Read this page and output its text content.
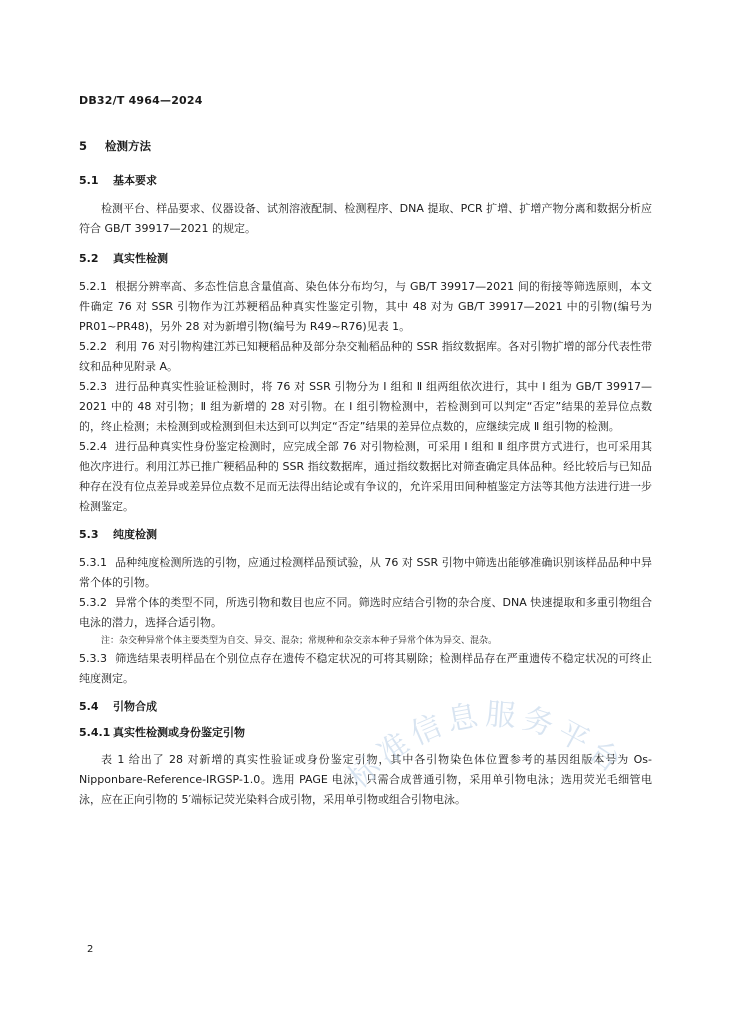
DB32/T 4964—2024
5 检测方法
5.1 基本要求

检测平台、样品要求、仪器设备、试剂溶液配制、检测程序、DNA 提取、PCR 扩增、扩增产物分离和数据分析应符合 GB/T 39917—2021 的规定。

5.2 真实性检测

5.2.1 根据分辨率高、多态性信息含量值高、染色体分布均匀，与 GB/T 39917—2021 间的衔接等筛选原则，本文件确定 76 对 SSR 引物作为江苏粳稻品种真实性鉴定引物，其中 48 对为 GB/T 39917—2021 中的引物(编号为 PR01~PR48)，另外 28 对为新增引物(编号为 R49~R76)见表 1。

5.2.2 利用 76 对引物构建江苏已知粳稻品种及部分杂交籼稻品种的 SSR 指纹数据库。各对引物扩增的部分代表性带纹和品种见附录 A。

5.2.3 进行品种真实性验证检测时，将 76 对 SSR 引物分为 Ⅰ 组和 Ⅱ 组两组依次进行，其中 Ⅰ 组为 GB/T 39917—2021 中的 48 对引物；Ⅱ 组为新增的 28 对引物。在 Ⅰ 组引物检测中，若检测到可以判定“否定”结果的差异位点数的，终止检测；未检测到或检测到但未达到可以判定“否定”结果的差异位点数的，应继续完成 Ⅱ 组引物的检测。

5.2.4 进行品种真实性身份鉴定检测时，应完成全部 76 对引物检测，可采用 Ⅰ 组和 Ⅱ 组序贯方式进行，也可采用其他次序进行。利用江苏已推广粳稻品种的 SSR 指纹数据库，通过指纹数据比对筛查确定具体品种。经比较后与已知品种存在没有位点差异或差异位点数不足而无法得出结论或有争议的，允许采用田间种植鉴定方法等其他方法进行进一步检测鉴定。

5.3 纯度检测

5.3.1 品种纯度检测所选的引物，应通过检测样品预试验，从 76 对 SSR 引物中筛选出能够准确识别该样品品种中异常个体的引物。

5.3.2 异常个体的类型不同，所选引物和数目也应不同。筛选时应结合引物的杂合度、DNA 快速提取和多重引物组合电泳的潜力，选择合适引物。

注：杂交种异常个体主要类型为自交、异交、混杂；常规种和杂交亲本种子异常个体为异交、混杂。

5.3.3 筛选结果表明样品在个别位点存在遗传不稳定状况的可将其剔除；检测样品存在严重遗传不稳定状况的可终止纯度测定。

5.4 引物合成
5.4.1 真实性检测或身份鉴定引物

表 1 给出了 28 对新增的真实性验证或身份鉴定引物，其中各引物染色体位置参考的基因组版本号为 Os-Nipponbare-Reference-IRGSP-1.0。选用 PAGE 电泳，只需合成普通引物，采用单引物电泳；选用荧光毛细管电泳，应在正向引物的 5′端标记荧光染料合成引物，采用单引物或组合引物电泳。

标准信息服务平台
2
